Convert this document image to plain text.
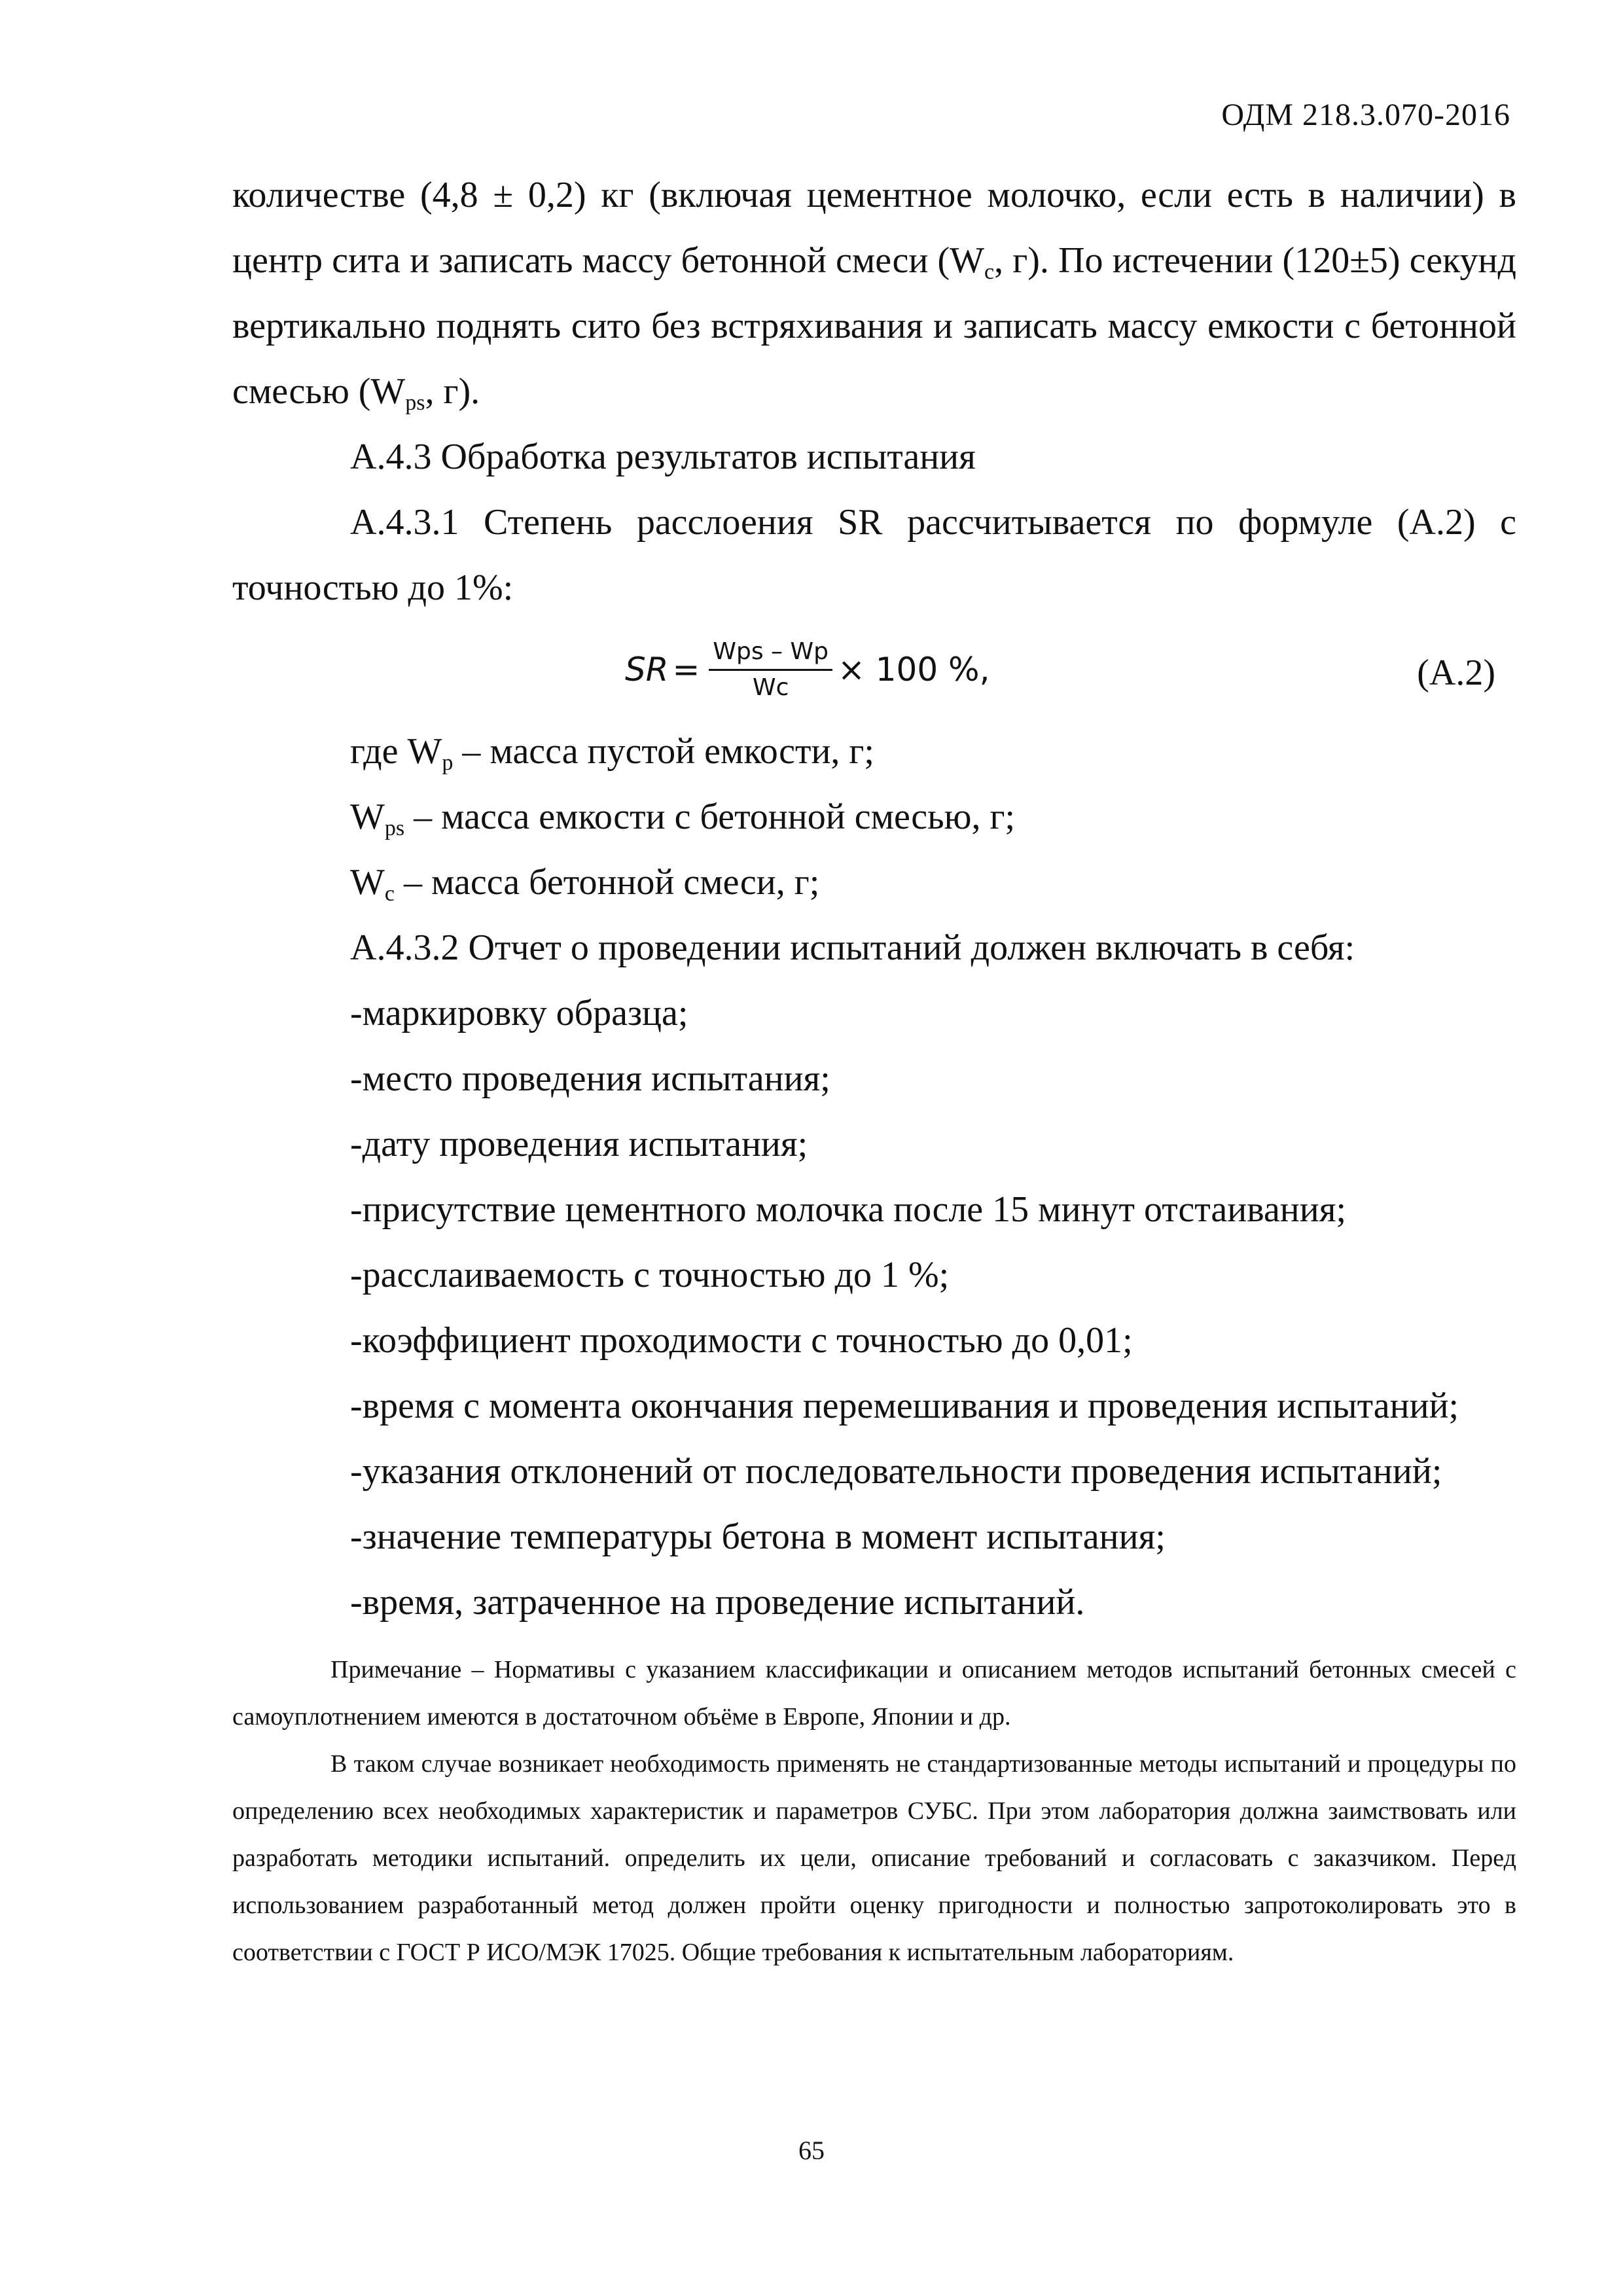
ОДМ 218.3.070-2016

количестве (4,8 ± 0,2) кг (включая цементное молочко, если есть в наличии) в центр сита и записать массу бетонной смеси ($W_c$, г). По истечении (120±5) секунд вертикально поднять сито без встряхивания и записать массу емкости с бетонной смесью ($W_{ps}$, г).

А.4.3 Обработка результатов испытания

А.4.3.1 Степень расслоения SR рассчитывается по формуле (А.2) с точностью до 1%:

SR = $\frac{\text{Wps – Wp}}{Wc} \times 100$ %,	(А.2)

где $W_p$ – масса пустой емкости, г;

$W_{ps}$ – масса емкости с бетонной смесью, г;

$W_c$ – масса бетонной смеси, г;

А.4.3.2 Отчет о проведении испытаний должен включать в себя:

-маркировку образца;

-место проведения испытания;

-дату проведения испытания;

-присутствие цементного молочка после 15 минут отстаивания;

-расслаиваемость с точностью до 1 %;

-коэффициент проходимости с точностью до 0,01;

-время с момента окончания перемешивания и проведения испытаний;

-указания отклонений от последовательности проведения испытаний;

-значение температуры бетона в момент испытания;

-время, затраченное на проведение испытаний.

Примечание – Нормативы с указанием классификации и описанием методов испытаний бетонных смесей с самоуплотнением имеются в достаточном объёме в Европе, Японии и др.

В таком случае возникает необходимость применять не стандартизованные методы испытаний и процедуры по определению всех необходимых характеристик и параметров СУБС. При этом лаборатория должна заимствовать или разработать методики испытаний. определить их цели, описание требований и согласовать с заказчиком. Перед использованием разработанный метод должен пройти оценку пригодности и полностью запротоколировать это в соответствии с ГОСТ Р ИСО/МЭК 17025. Общие требования к испытательным лабораториям.

65
